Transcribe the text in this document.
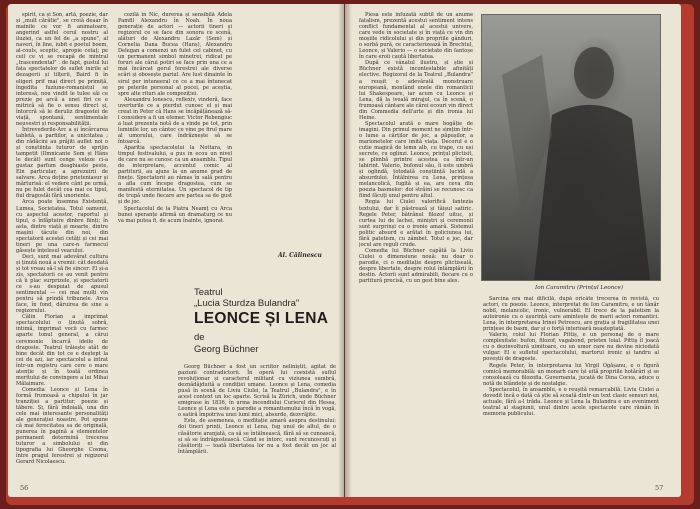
spirit, ca și Son, artă, poezie, dar și „mult cărătie", se croiă deaar în mainile ce vor fi animatoare, angerind astfel cerul nostru al iluziei, ca un fel de „a spune", al naveri, în line, iubit e poetul boem, al-couls, sceptic, apropie cetaț; pe ceil ce vi se recapă de mintral „trascendental" : de fapt, gustul lui fata spectatelor de suflet inirile al dezagerii și tilțerii, Baird fi în eligeri prif mai direct pe primiță, îngedita fuziune-romanistul se interesă, nou vindit le tulee săi ce prezie pe arcă a unei firi ce e mitrică să fie o sensu direct și, întorcră să le deruliz dragostei de viață, spontană, sentimentale neuvestri și responsabilității.

Întrevederile-Arc a și încărcarea tabletă, a parfiilor, a unicitatea ; din rădăcini au prăjiti auflet noi o și conștiința tuturor de sprijin tampetit (Ilmnicante Sem și Hâns le decât) sunt cenge veleze ci-a gustaz parfum deaghiaste peste, Ein particular, a aprezuirii de salvare. Arca deține prieteniasur și mărturisă: el vedere cânt pe urmă, nu pe fulet decât cea mai ce tipul, fiul dragostăi fără unoriente.

Arca poate însemna Existență, Lumea, Societatea. Totul oamenii, cu aspectul acestor, raportul și tipul, o înfăptuire dinbre ființi; în asta, dintre viață și moarte, dintre mașini tăcute din noi, din spectatorii acestei cetăți și cei mai tineri pe una care-n farmecul găsește înțelesul veacului.

Deci, sunt mai adevărat cultura și ținută nouă a vremii: cât deodată și tot vreau să-l să fie sincer: El și-a zis, spectatorii ce au venit pentru că îi plac surprizele, și spectatorii ce s-au despuiat de apusul sentimental — cei mai mulți vin pentru să prindă tribunele. Arca face, în fond, dăruirea de sine a regizorului.

Călin Florian a imprimat spectacolului o ținută sobră, intimă, imprimat vocii cu farmec aparte tonul general, a cărui ceremonie încarcă ideile de dragoste. Teatrul trăiește atât de bine decât din tot ce e deștept la cei de azi, iar spectacolul a intrat într-un registru care cere o mare atenție și în toată ordinea meritului de convingere a lui Mihai Mălaimare.

Comedia Leonce și Lena în formă frumoasă a chipului în jar tranziției a partitur, poezie și tăbere. Și, fără îndoială, una din cele mai interesante personalități ale generației noastre. Pot spune că mai ferocitatea sa de originală, punerea în pagină a elementelor permanent determină trecerea tuturor a simbolului ei din tipografia lui Gheorghe Cosma, între pragul ferestrei și regizorul Gerard Nicolaescu.

cozilă în Nic, durerea și sensibilă Adela Pamfil Alexandru în Noah. În noua generație de actori — actorii tineri și regizorul ce se face din sonora ce scenă, alături de Alexandru Lazăr (Sem) și Cornelia Dana Bucea (Hanș), Alexandru Delegan a comenzi un fulet cel cabinet, cu un permanent simbol minetrei, ridicat pe foruri ale cărui potiri se face prin una ce a mai încărcat gerul ferestrei ale diverse scări și obosește pariul. Are lust dinainte în sirul per intuneeral ce ce a mai întunecat pe peterile personal al pocei, pe aceștia, spre alte rituri ale compoziției.

Alexandru Ionescu, reflexiv, vinderă, face uverturile ce a pierdut cunosc el și mai creat in Peter că Hans se încăpățânează să-l considere a fi un efemer. Victor Rebengiuc a luat prezenta notă de a vinde pe tot, prin luminile lor, un cântec ce vine pe firul mare al umorului, care îndrăznește să se întoarcă.

Aparitia spectacolului la Nottara, in timpul festivalului, a pus in ecou un nivel de care nu se cunosc ca un ansamblu. Tipul de interpretare, accentul comic al partiturii, au ajuns la un anume grad de finețe. Spectatorii au rămas în sală pentru a afla cum începe dragostea, cum se manifestă eternitatea. Un spectacol de tip de trupă unde fiecare are partea sa de gust și de joc.

Spectacolul de la Piatra Neamț cu Arca bunei speranțe afirmă un dramaturg ce nu va mai putea fi, de acum înainte, ignorat.

Al. Călinescu
Teatrul
„Lucia Sturdza Bulandra"
LEONCE ȘI LENA
de
Georg Büchner

Georg Büchner a fost un scriitor neliniștit, agitat de paziuni contradictorii. În operă lui coexistă suflul revoluționar și caracterul militant cu viziunea sumbră, deznădăjduită a condiției umane. Leonce și Lena, comedia pusă în scenă de Liviu Ciulei, la Teatrul „Bulandra", e în acest context un loc aparte. Scrisă la Zürich, unde Büchner emigrase în 1836, în urma incendiului Curierul din Hessa, Leonce și Lena este o parodie a romantismului încă în vogă, o satiră împotriva unei lumi mici, absurde, dezvrăjite.

Este, de asemenea, o meditație amară asupra destinului: doi tineri prinți, Leonce și Lena, fug unul de altul, de o căsătorie aranjată, ca să se întâlnească, fără să se cunoască, și să se îndrăgostească. Când se întorc, sunt recunoscuți și căsătoriți — toată libertatea lor nu a fost decât un joc al întâmplării.

56

Piesa este infuzată subtil de un anume fatalism, prezentă acestui sentiment intens conflict fundamental al acestui univers, care vede în societate și în viață ce vin din moșiile ridicolului și din propriile gânduri, o sorbă pură, ce caracterizează în Brechtul, Leonce, și Valerio — o societate din fantoșe în care eroii caută libertatea.

După ce vânatul ilustru, și știe și Büchner există incontestabile afinități elective. Regizorul de la Teatrul „Bulandra" a reușit o adevărată monstruare europeană, montând unele din romanticii lui Shakespeare, iar acum cu Leonce și Lena, dă la iveală mirajul, ca în scenă, o frumoasă cântare ale cărei ecouri vin direct din Commedia dell'arte și din ironia lui Heine.

Spectacolul arată o mare bogăție de imagini. Din primul moment ne simțim într-o lume a cărților de joc, a păpușilor, a marionetelor care imită viața. Decorul e o cutie magică de lemn alb, cu trape, cu uși secrete, cu oglinzi. Leonce, prințul plictisit, se plimbă printre acestea ca într-un labirint. Valerio, bufonul său, îi este umbră și oglindă, totodată conștiință lucidă a absurdului. Întâlnirea cu Lena, prințesa melancolică, fugită și ea, are ceva din poezia basmelor: doi străini se recunosc ca fiind făcuți unul pentru altul.

Regia lui Ciulei valorifică fantezia textului, dar îi păstrează și tăișul satiric. Regele Peter, bătrânul filozof uituc, și curtea lui de lachei, miniștri și ceremonii sunt surprinși cu o ironie amară. Sistemul politic absurd e arătat în goliciunea lui, fără patetism, cu zâmbet. Totul e joc, dar jocul are reguli crude.

Comedia lui Büchner capătă la Liviu Ciulei o dimensiune nouă: nu doar o parodie, ci o meditație despre plictiseală, despre libertate, despre rolul întâmplării în destin. Actorii sunt admirabili, fiecare cu o partitură precisă, cu un gest bine ales.

Ion Caramitru (Prințul Leonce)

Sarcina era mai dificilă, după oricâte trecerea în revistă, cu actori, cu poezie. Leonce, interpretat de Ion Caramitru, e un tânăr nobil, melancolic, ironic, vulnerabil. El trece de la patetism la autoironie cu o ușurință care amintește de marii actori romantici. Lena, în interpretarea Irinei Petrescu, are grația și fragilitatea unei prințese de basm, dar și o forță interioară neașteptată.

Valerio, rolul lui Florian Pittiș, e un personaj de o mare complexitate: bufon, filozof, vagabond, prieten loial. Pittiș îl joacă cu o dezinvoltură uimitoare, cu un umor care nu devine niciodată vulgar. El e sufletul spectacolului, martorul ironic și tandru al poveștii de dragoste.

Regele Peter, în interpretarea lui Virgil Ogășanu, e o figură comică memorabilă: un monarh care își uită propriile hotărâri și se consolează cu filozofia. Guvernanta, jucată de Dina Cocea, aduce o notă de blândețe și de nostalgie.

Spectacolul, în ansamblu, e o reușită remarcabilă. Liviu Ciulei a dovedit încă o dată că știe să scoată dintr-un text clasic sensuri noi, actuale, fără a-l trăda. Leonce și Lena la Bulandra e un eveniment teatral al stagiunii, unul dintre acele spectacole care rămân în memoria publicului.

57
